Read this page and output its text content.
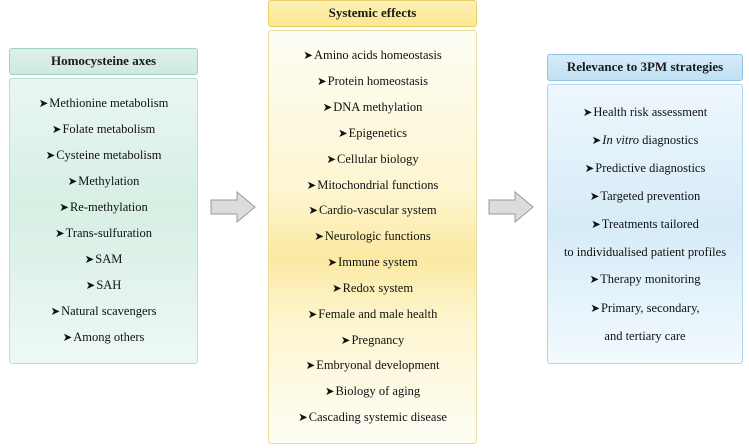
Homocysteine axes
➤Methionine metabolism
➤Folate metabolism
➤Cysteine metabolism
➤Methylation
➤Re-methylation
➤Trans-sulfuration
➤SAM
➤SAH
➤Natural scavengers
➤Among others
Systemic effects
➤Amino acids homeostasis
➤Protein homeostasis
➤DNA methylation
➤Epigenetics
➤Cellular biology
➤Mitochondrial functions
➤Cardio-vascular system
➤Neurologic functions
➤Immune system
➤Redox system
➤Female and male health
➤Pregnancy
➤Embryonal development
➤Biology of aging
➤Cascading systemic disease
Relevance to 3PM strategies
➤Health risk assessment
➤In vitro diagnostics
➤Predictive diagnostics
➤Targeted prevention
➤Treatments tailored
to individualised patient profiles
➤Therapy monitoring
➤Primary, secondary,
and tertiary care
